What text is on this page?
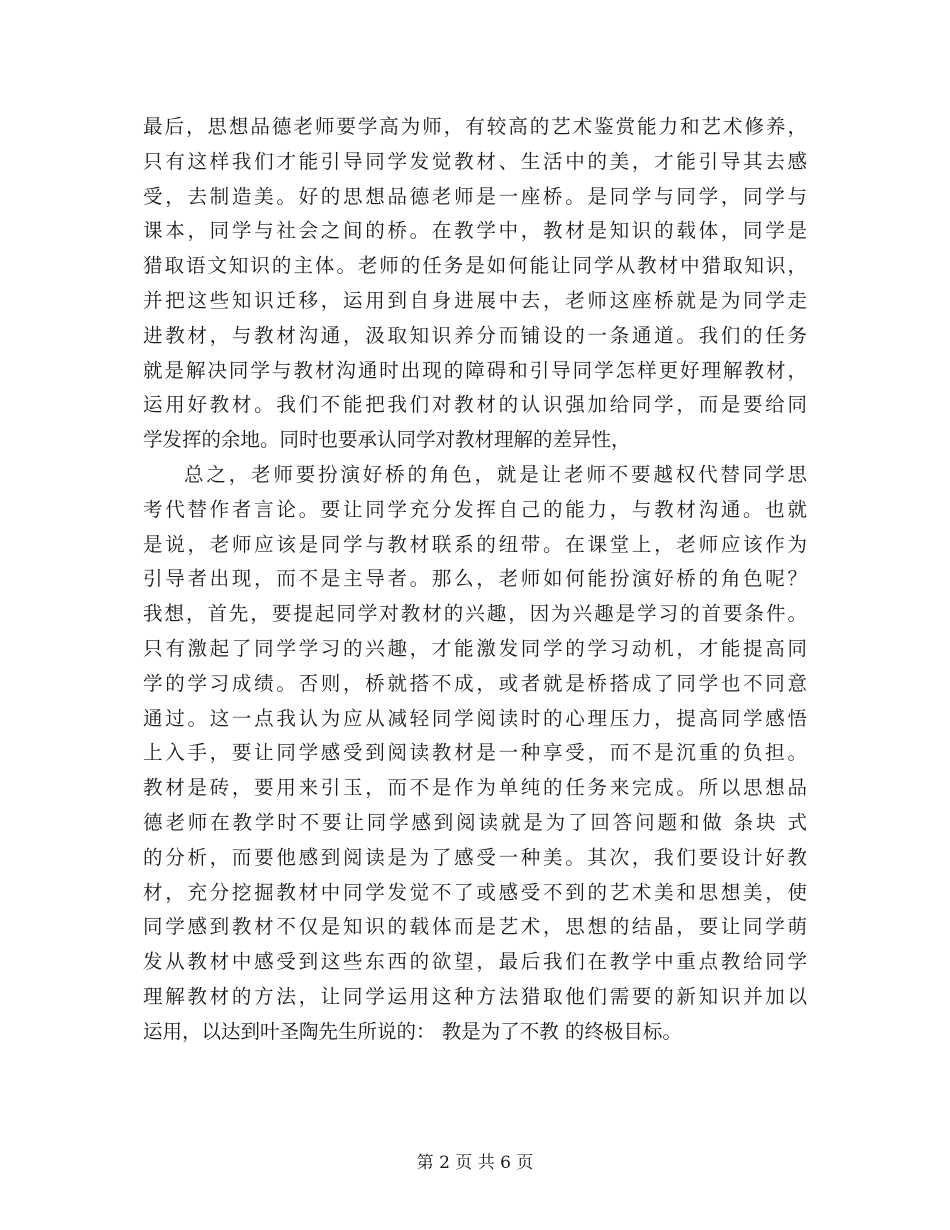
最后，思想品德老师要学高为师，有较高的艺术鉴赏能力和艺术修养，
只有这样我们才能引导同学发觉教材、生活中的美，才能引导其去感
受，去制造美。好的思想品德老师是一座桥。是同学与同学，同学与
课本，同学与社会之间的桥。在教学中，教材是知识的载体，同学是
猎取语文知识的主体。老师的任务是如何能让同学从教材中猎取知识，
并把这些知识迁移，运用到自身进展中去，老师这座桥就是为同学走
进教材，与教材沟通，汲取知识养分而铺设的一条通道。我们的任务
就是解决同学与教材沟通时出现的障碍和引导同学怎样更好理解教材，
运用好教材。我们不能把我们对教材的认识强加给同学，而是要给同
学发挥的余地。同时也要承认同学对教材理解的差异性，
总之，老师要扮演好桥的角色，就是让老师不要越权代替同学思
考代替作者言论。要让同学充分发挥自己的能力，与教材沟通。也就
是说，老师应该是同学与教材联系的纽带。在课堂上，老师应该作为
引导者出现，而不是主导者。那么，老师如何能扮演好桥的角色呢？
我想，首先，要提起同学对教材的兴趣，因为兴趣是学习的首要条件。
只有激起了同学学习的兴趣，才能激发同学的学习动机，才能提高同
学的学习成绩。否则，桥就搭不成，或者就是桥搭成了同学也不同意
通过。这一点我认为应从减轻同学阅读时的心理压力，提高同学感悟
上入手，要让同学感受到阅读教材是一种享受，而不是沉重的负担。
教材是砖，要用来引玉，而不是作为单纯的任务来完成。所以思想品
德老师在教学时不要让同学感到阅读就是为了回答问题和做 条块 式
的分析，而要他感到阅读是为了感受一种美。其次，我们要设计好教
材，充分挖掘教材中同学发觉不了或感受不到的艺术美和思想美，使
同学感到教材不仅是知识的载体而是艺术，思想的结晶，要让同学萌
发从教材中感受到这些东西的欲望，最后我们在教学中重点教给同学
理解教材的方法，让同学运用这种方法猎取他们需要的新知识并加以
运用，以达到叶圣陶先生所说的： 教是为了不教 的终极目标。
第 2 页 共 6 页
